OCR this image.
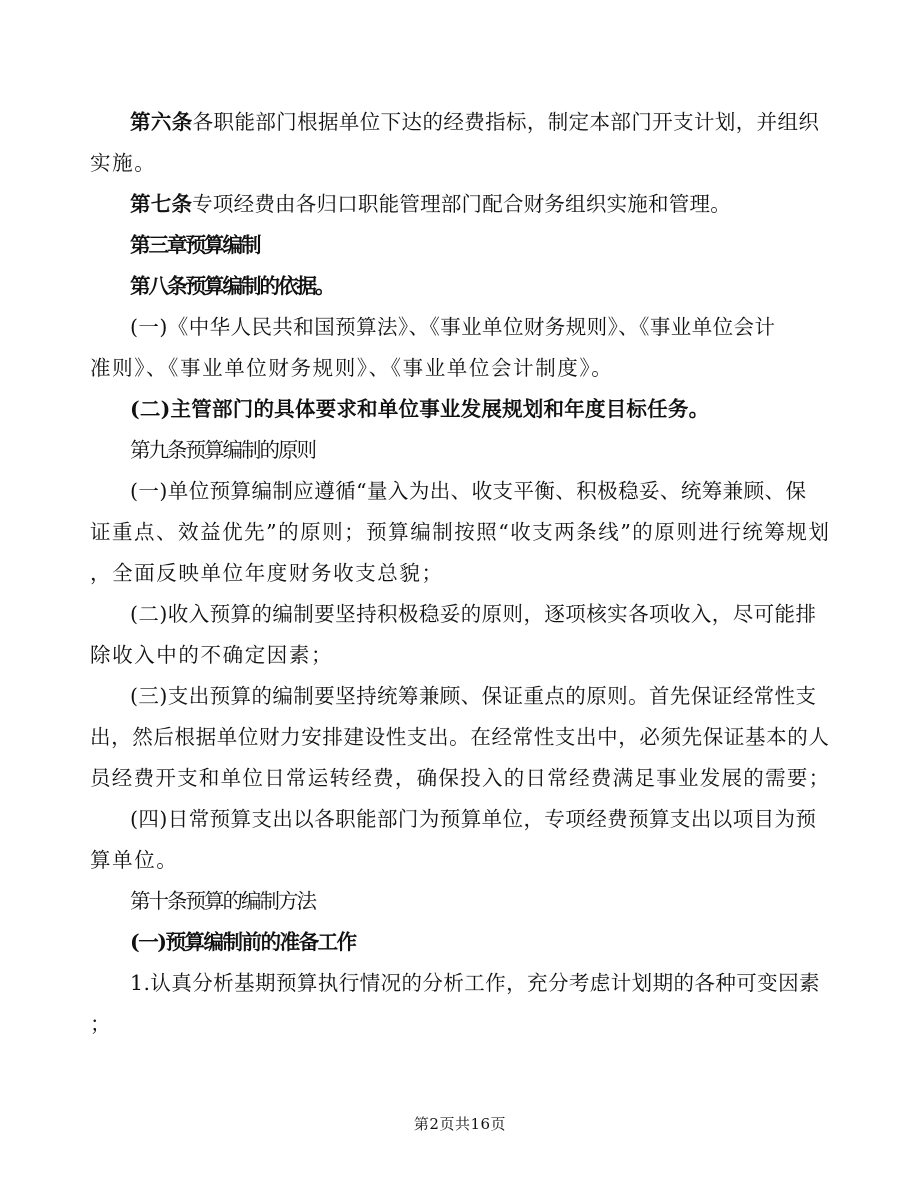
第六条各职能部门根据单位下达的经费指标，制定本部门开支计划，并组织
实施。
第七条专项经费由各归口职能管理部门配合财务组织实施和管理。
第三章预算编制
第八条预算编制的依据。
(一)《中华人民共和国预算法》、《事业单位财务规则》、《事业单位会计
准则》、《事业单位财务规则》、《事业单位会计制度》。
(二)主管部门的具体要求和单位事业发展规划和年度目标任务。
第九条预算编制的原则
(一)单位预算编制应遵循“量入为出、收支平衡、积极稳妥、统筹兼顾、保
证重点、效益优先”的原则；预算编制按照“收支两条线”的原则进行统筹规划
，全面反映单位年度财务收支总貌；
(二)收入预算的编制要坚持积极稳妥的原则，逐项核实各项收入，尽可能排
除收入中的不确定因素；
(三)支出预算的编制要坚持统筹兼顾、保证重点的原则。首先保证经常性支
出，然后根据单位财力安排建设性支出。在经常性支出中，必须先保证基本的人
员经费开支和单位日常运转经费，确保投入的日常经费满足事业发展的需要；
(四)日常预算支出以各职能部门为预算单位，专项经费预算支出以项目为预
算单位。
第十条预算的编制方法
(一)预算编制前的准备工作
1.认真分析基期预算执行情况的分析工作，充分考虑计划期的各种可变因素
；
第2页共16页
